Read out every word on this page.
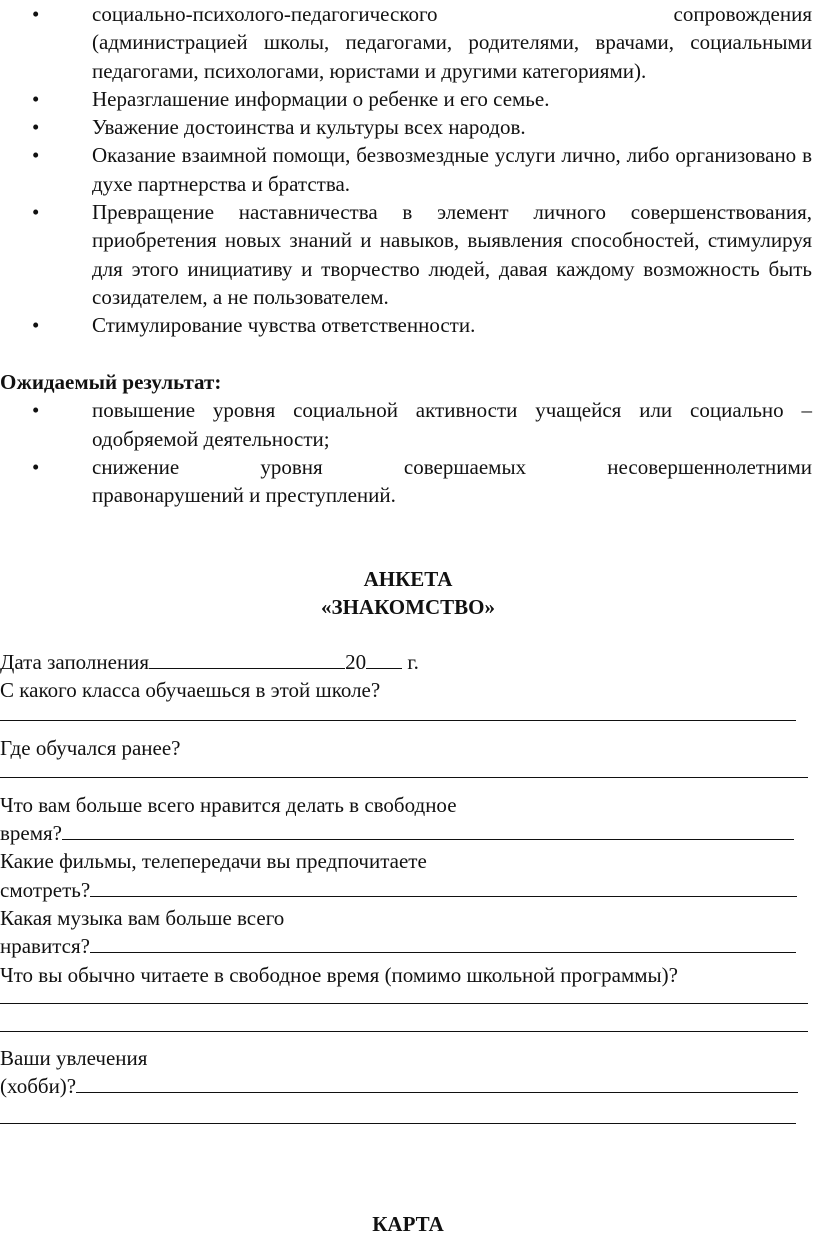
• социально-психолого-педагогического сопровождения
(администрацией школы, педагогами, родителями, врачами, социальными педагогами, психологами, юристами и другими категориями).
• Неразглашение информации о ребенке и его семье.
• Уважение достоинства и культуры всех народов.
• Оказание взаимной помощи, безвозмездные услуги лично, либо организовано в духе партнерства и братства.
• Превращение наставничества в элемент личного совершенствования, приобретения новых знаний и навыков, выявления способностей, стимулируя для этого инициативу и творчество людей, давая каждому возможность быть созидателем, а не пользователем.
• Стимулирование чувства ответственности.

Ожидаемый результат:

• повышение уровня социальной активности учащейся или социально – одобряемой деятельности;
• снижение уровня совершаемых несовершеннолетними
правонарушений и преступлений.

АНКЕТА

«ЗНАКОМСТВО»

Дата заполнения	20 г.

С какого класса обучаешься в этой школе?

Где обучался ранее?

Что вам больше всего нравится делать в свободное

время?

Какие фильмы, телепередачи вы предпочитаете

смотреть?

Какая музыка вам больше всего

нравится?

Что вы обычно читаете в свободное время (помимо школьной программы)?

Ваши увлечения

(хобби)?

КАРТА
